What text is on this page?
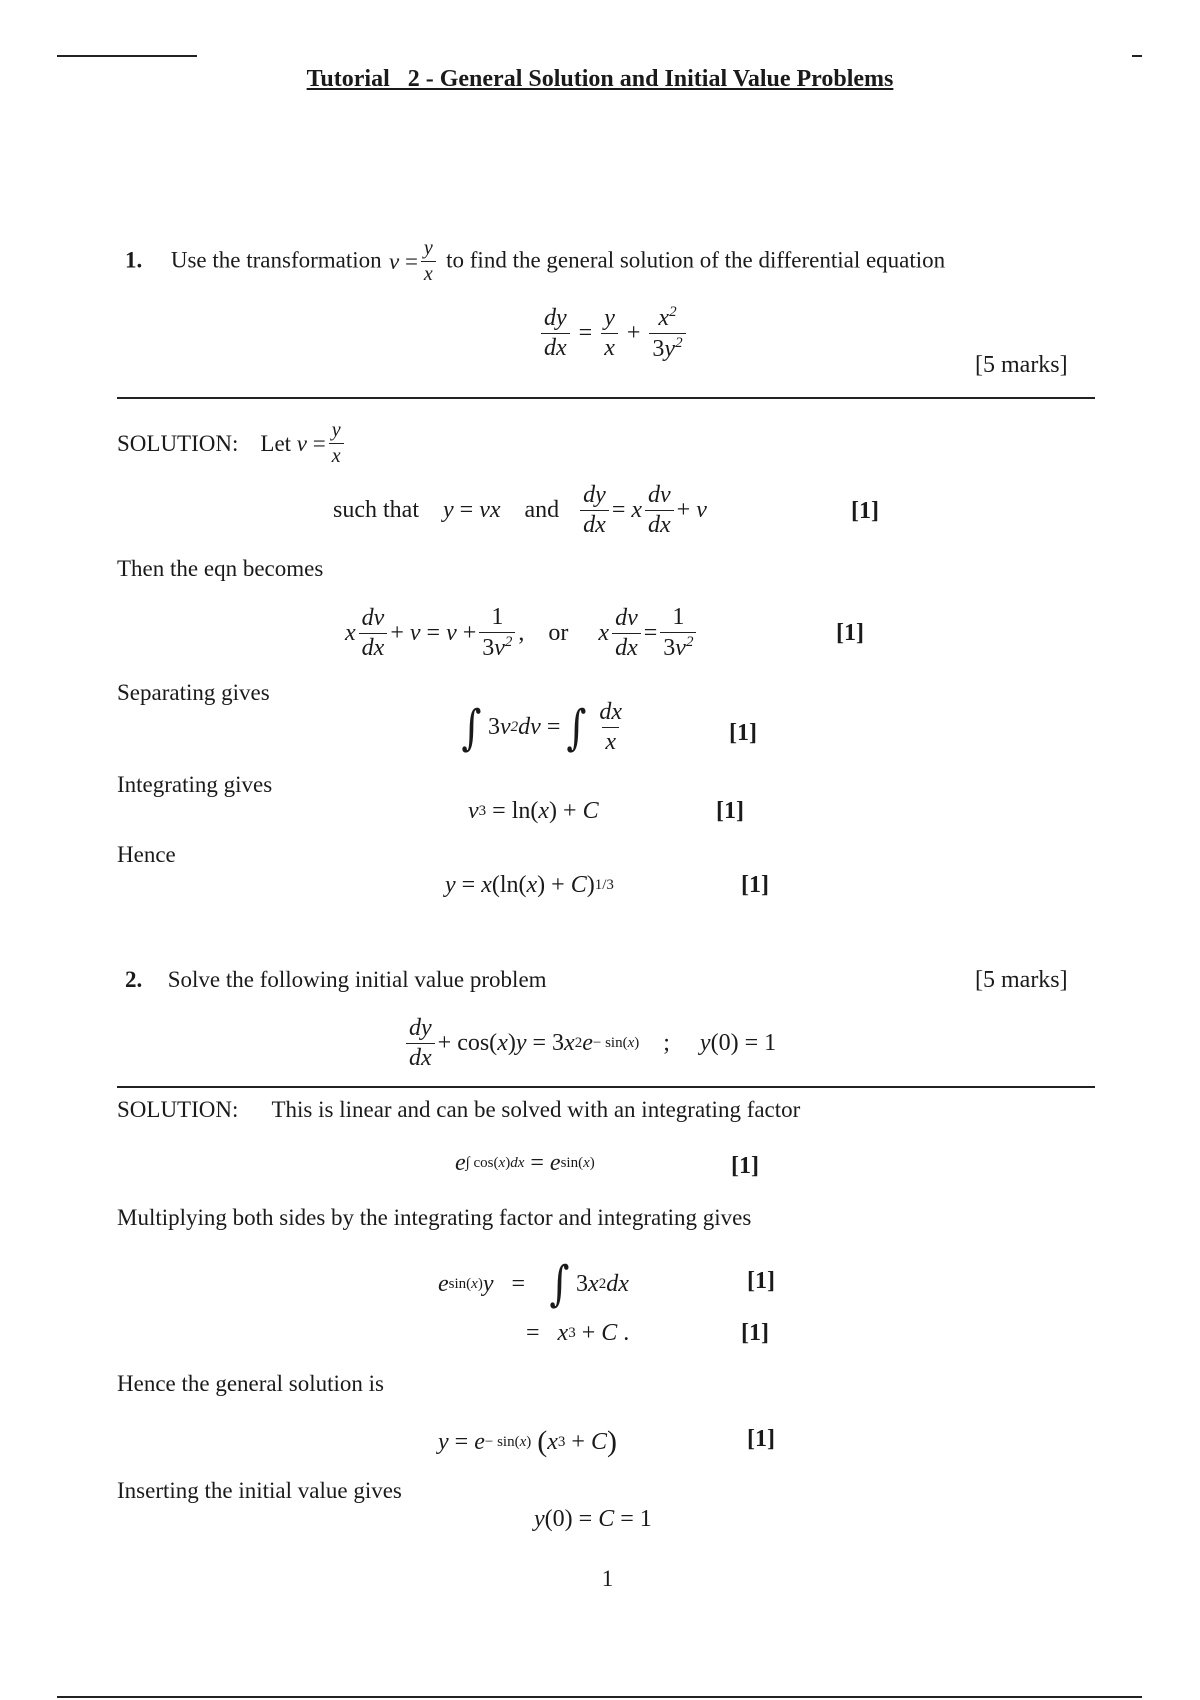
Tutorial   2 - General Solution and Initial Value Problems
1. Use the transformation $v = \frac{y}{x}$ to find the general solution of the differential equation
$\frac{dy}{dx} = \frac{y}{x} + \frac{x^2}{3y^2}$
[5 marks]
SOLUTION: Let
$v = \frac{y}{x}$
such that y = vx and
$\frac{dy}{dx} = x \frac{dv}{dx} + v$	[1]
Then the eqn becomes
x $\frac{dv}{dx} + v = v + \frac{1}{3v^2}$ ,
or x $\frac{dv}{dx} = \frac{1}{3v^2}$	[1]
Separating gives
∫ 3 v 2 dv = ∫ $\frac{dx}{x}$	[1]
Integrating gives
v 3
=
ln( x )
+ C	[1]
Hence
y = x (ln( x )
+ C ) 1/3	[1]
2. Solve the following initial value problem	[5 marks]
$\frac{dy}{dx} + \cos$( x ) y =
3 x 2 e − sin(x)
; y (0) = 1
SOLUTION: This is linear and can be solved with an integrating factor
e ∫ cos(x)dx
= e sin(x)	[1]
Multiplying both sides by the integrating factor and integrating gives
e sin(x) y =
∫ 3 x 2 dx	[1]
= x 3
+ C .	[1]
Hence the general solution is
y = e − sin(x)
( x 3
+ C )	[1]
Inserting the initial value gives
y (0) = C = 1
1
